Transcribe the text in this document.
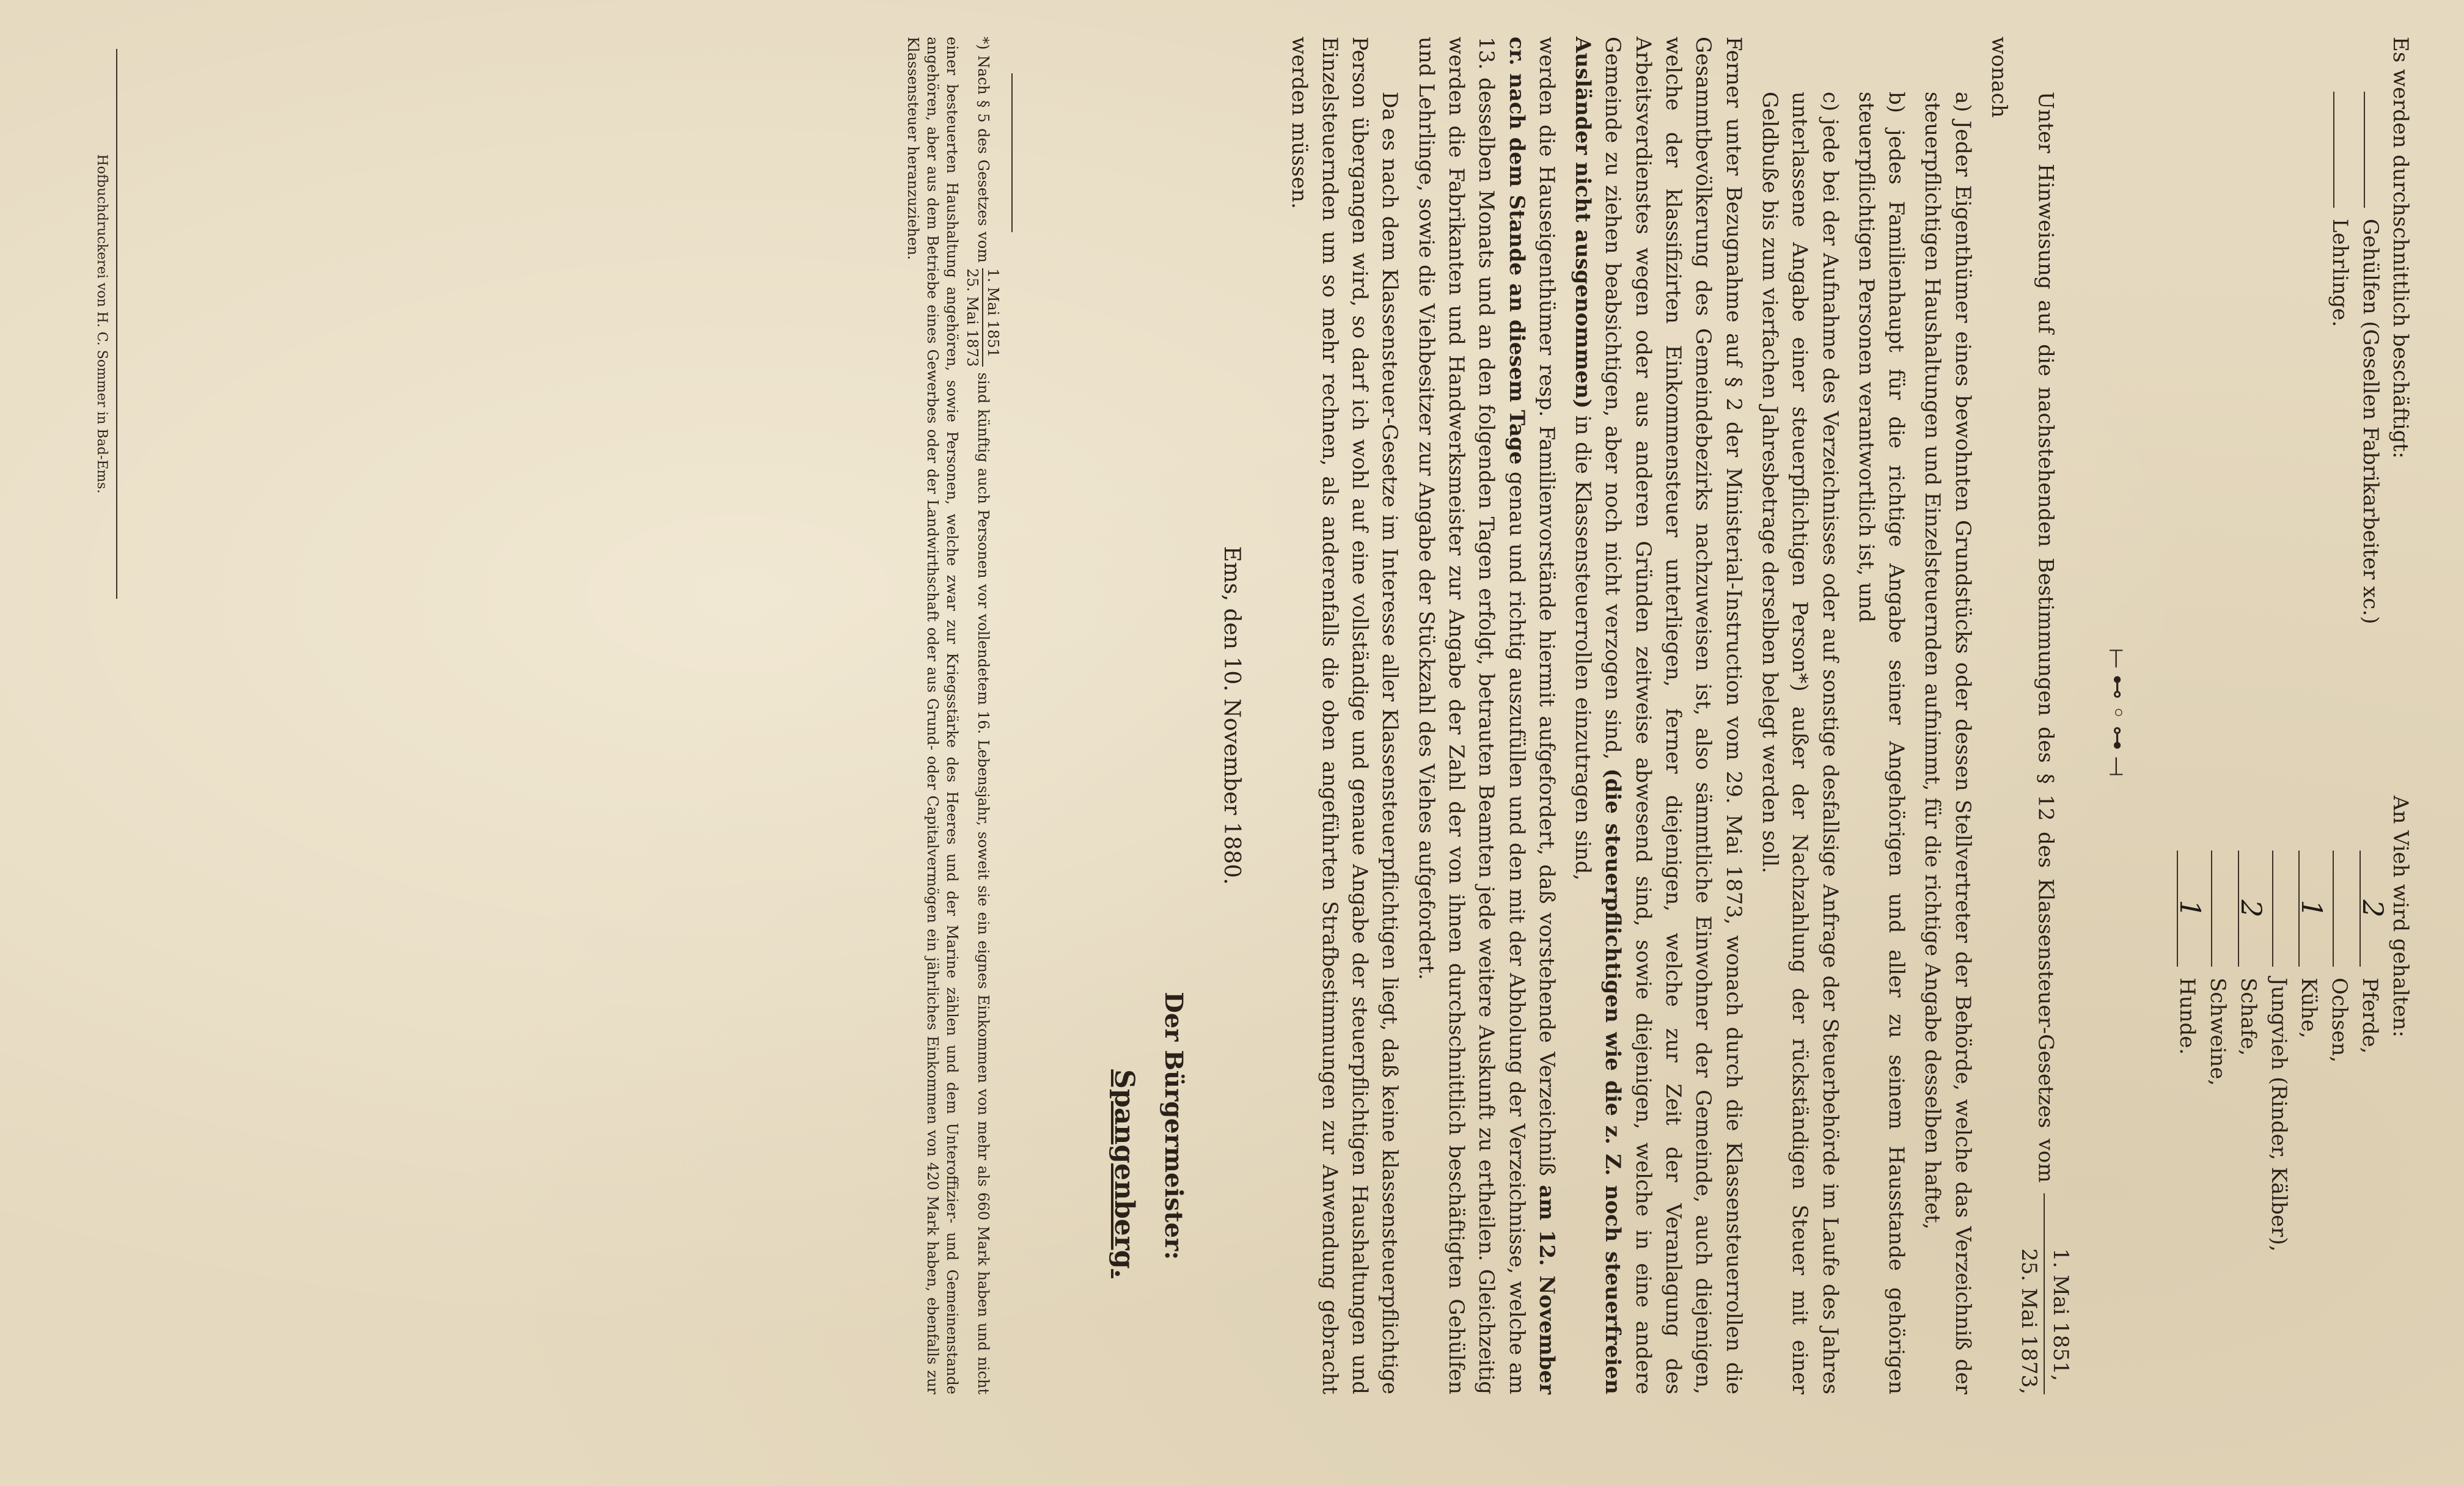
Es werden durchschnittlich beschäftigt:
Gehülfen (Gesellen Fabrikarbeiter xc.)
Lehrlinge.
An Vieh wird gehalten:
2Pferde,
Ochsen,
1Kühe,
Jungvieh (Rinder, Kälber),
2Schafe,
Schweine,
1Hunde.
⟝⊷◦⊶⟞

Unter Hinweisung auf die nachstehenden Bestimmungen des § 12 des Klassensteuer-Gesetzes vom
1. Mai 1851,
25. Mai 1873,
wonach

a) Jeder Eigenthümer eines bewohnten Grundstücks oder dessen Stellvertreter der Behörde, welche das Verzeichniß der steuerpflichtigen Haushaltungen und Einzelsteuernden aufnimmt, für die richtige Angabe desselben haftet,

b) jedes Familienhaupt für die richtige Angabe seiner Angehörigen und aller zu seinem Hausstande gehörigen steuerpflichtigen Personen verantwortlich ist, und

c) jede bei der Aufnahme des Verzeichnisses oder auf sonstige desfallsige Anfrage der Steuerbehörde im Laufe des Jahres unterlassene Angabe einer steuerpflichtigen Person*) außer der Nachzahlung der rückständigen Steuer mit einer Geldbuße bis zum vierfachen Jahresbetrage derselben belegt werden soll.

Ferner unter Bezugnahme auf § 2 der Ministerial-Instruction vom 29. Mai 1873, wonach durch die Klassensteuerrollen die Gesammtbevölkerung des Gemeindebezirks nachzuweisen ist, also sämmtliche Einwohner der Gemeinde, auch diejenigen, welche der klassifizirten Einkommensteuer unterliegen, ferner diejenigen, welche zur Zeit der Veranlagung des Arbeitsverdienstes wegen oder aus anderen Gründen zeitweise abwesend sind, sowie diejenigen, welche in eine andere Gemeinde zu ziehen beabsichtigen, aber noch nicht verzogen sind, (die steuerpflichtigen wie die z. Z. noch steuerfreien Ausländer nicht ausgenommen) in die Klassensteuerrollen einzutragen sind,

werden die Hauseigenthümer resp. Familienvorstände hiermit aufgefordert, daß vorstehende Verzeichniß am 12. November cr. nach dem Stande an diesem Tage genau und richtig auszufüllen und den mit der Abholung der Verzeichnisse, welche am 13. desselben Monats und an den folgenden Tagen erfolgt, betrauten Beamten jede weitere Auskunft zu ertheilen. Gleichzeitig werden die Fabrikanten und Handwerksmeister zur Angabe der Zahl der von ihnen durchschnittlich beschäftigten Gehülfen und Lehrlinge, sowie die Viehbesitzer zur Angabe der Stückzahl des Viehes aufgefordert.

Da es nach dem Klassensteuer-Gesetze im Interesse aller Klassensteuerpflichtigen liegt, daß keine klassensteuerpflichtige Person übergangen wird, so darf ich wohl auf eine vollständige und genaue Angabe der steuerpflichtigen Haushaltungen und Einzelsteuernden um so mehr rechnen, als anderenfalls die oben angeführten Strafbestimmungen zur Anwendung gebracht werden müssen.

Ems, den 10. November 1880.
Der Bürgermeister:
Spangenberg.
*) Nach § 5 des Gesetzes vom
1. Mai 1851
25. Mai 1873
sind künftig auch Personen vor vollendetem 16. Lebensjahr, soweit sie ein eignes Einkommen von mehr als 660 Mark haben und nicht einer besteuerten Haushaltung angehören, sowie Personen, welche zwar zur Kriegsstärke des Heeres und der Marine zählen und dem Unteroffizier- und Gemeinenstande angehören, aber aus dem Betriebe eines Gewerbes oder der Landwirthschaft oder aus Grund- oder Capitalvermögen ein jährliches Einkommen von 420 Mark haben, ebenfalls zur Klassensteuer heranzuziehen.
Hofbuchdruckerei von H. C. Sommer in Bad-Ems.
